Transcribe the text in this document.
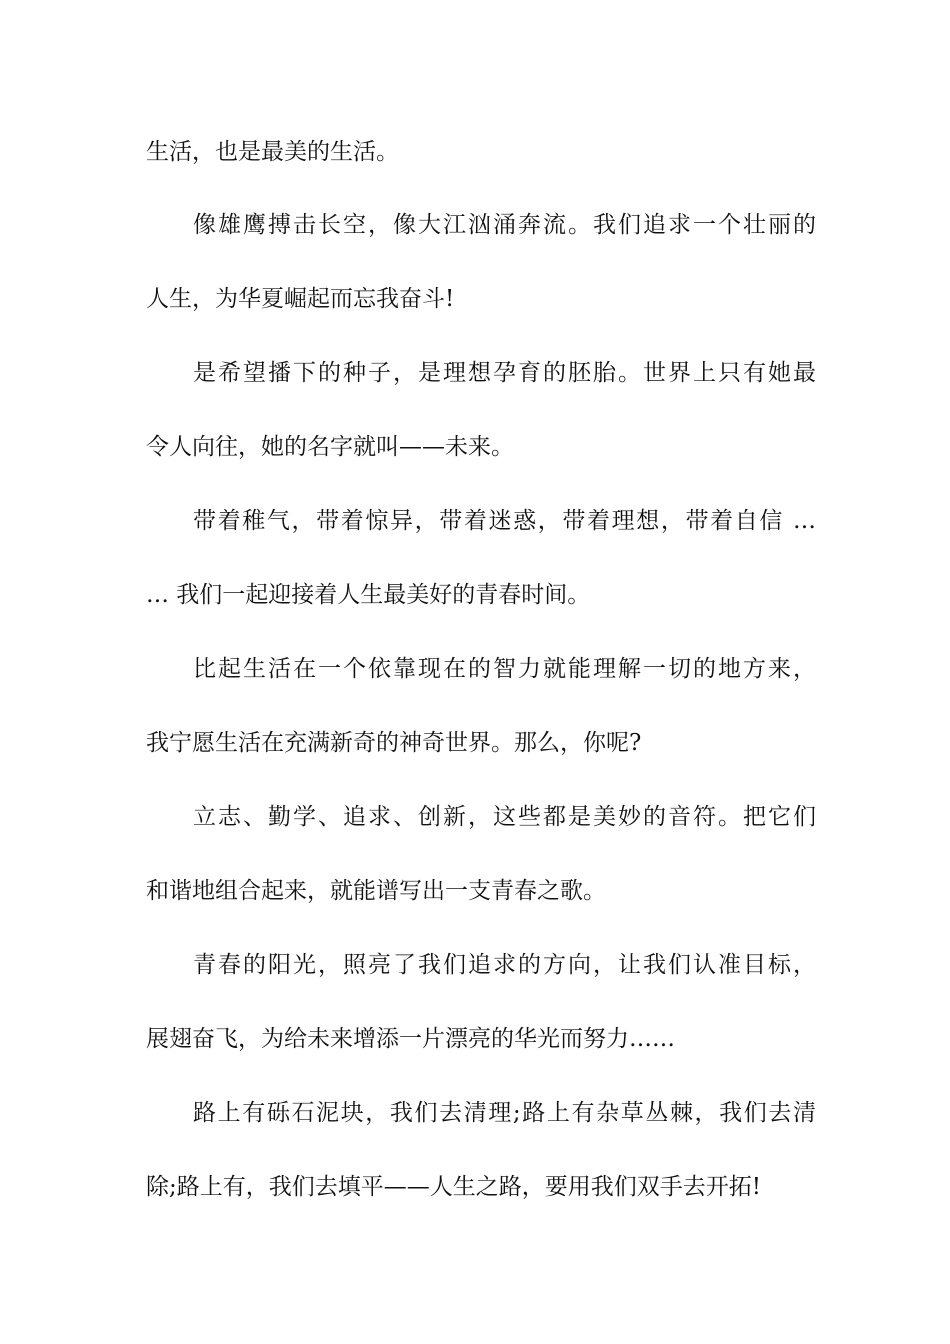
生活，也是最美的生活。
像雄鹰搏击长空，像大江汹涌奔流。我们追求一个壮丽的
人生，为华夏崛起而忘我奋斗!
是希望播下的种子，是理想孕育的胚胎。世界上只有她最
令人向往，她的名字就叫——未来。
带着稚气，带着惊异，带着迷惑，带着理想，带着自信 …
… 我们一起迎接着人生最美好的青春时间。
比起生活在一个依靠现在的智力就能理解一切的地方来，
我宁愿生活在充满新奇的神奇世界。那么，你呢?
立志、勤学、追求、创新，这些都是美妙的音符。把它们
和谐地组合起来，就能谱写出一支青春之歌。
青春的阳光，照亮了我们追求的方向，让我们认准目标，
展翅奋飞，为给未来增添一片漂亮的华光而努力……
路上有砾石泥块，我们去清理;路上有杂草丛棘，我们去清
除;路上有，我们去填平——人生之路，要用我们双手去开拓!
